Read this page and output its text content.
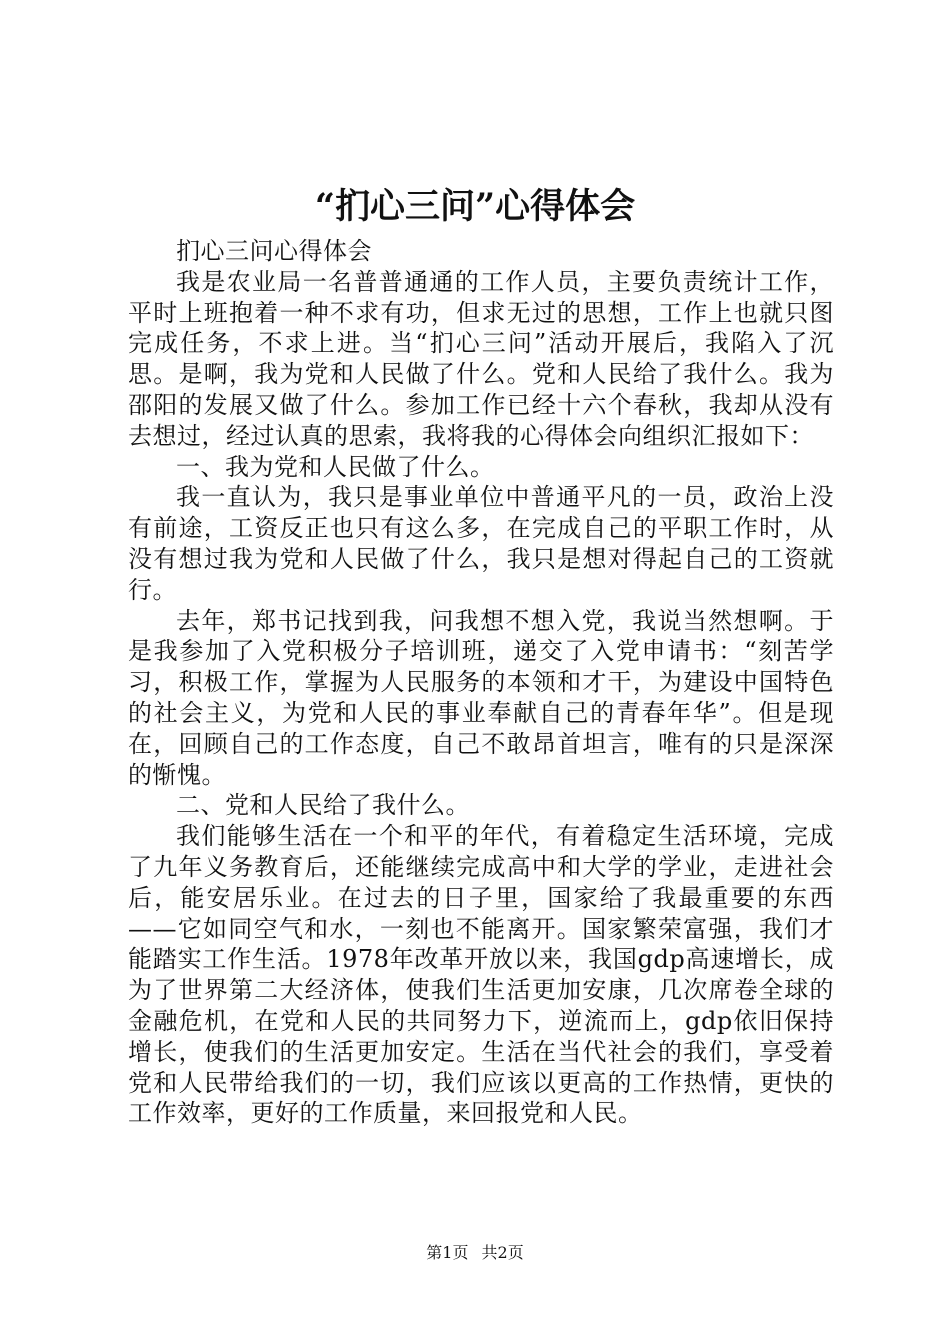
“扪心三问”心得体会

扪心三问心得体会

我是农业局一名普普通通的工作人员，主要负责统计工作，平时上班抱着一种不求有功，但求无过的思想，工作上也就只图完成任务，不求上进。当“扪心三问”活动开展后，我陷入了沉思。是啊，我为党和人民做了什么。党和人民给了我什么。我为邵阳的发展又做了什么。参加工作已经十六个春秋，我却从没有去想过，经过认真的思索，我将我的心得体会向组织汇报如下：

一、我为党和人民做了什么。

我一直认为，我只是事业单位中普通平凡的一员，政治上没有前途，工资反正也只有这么多，在完成自己的平职工作时，从没有想过我为党和人民做了什么，我只是想对得起自己的工资就行。

去年，郑书记找到我，问我想不想入党，我说当然想啊。于是我参加了入党积极分子培训班，递交了入党申请书：“刻苦学习，积极工作，掌握为人民服务的本领和才干，为建设中国特色的社会主义，为党和人民的事业奉献自己的青春年华”。但是现在，回顾自己的工作态度，自己不敢昂首坦言，唯有的只是深深的惭愧。

二、党和人民给了我什么。

我们能够生活在一个和平的年代，有着稳定生活环境，完成了九年义务教育后，还能继续完成高中和大学的学业，走进社会后，能安居乐业。在过去的日子里，国家给了我最重要的东西——它如同空气和水，一刻也不能离开。国家繁荣富强，我们才能踏实工作生活。1978年改革开放以来，我国gdp高速增长，成为了世界第二大经济体，使我们生活更加安康，几次席卷全球的金融危机，在党和人民的共同努力下，逆流而上，gdp依旧保持增长，使我们的生活更加安定。生活在当代社会的我们，享受着党和人民带给我们的一切，我们应该以更高的工作热情，更快的工作效率，更好的工作质量，来回报党和人民。

第1页 共2页
